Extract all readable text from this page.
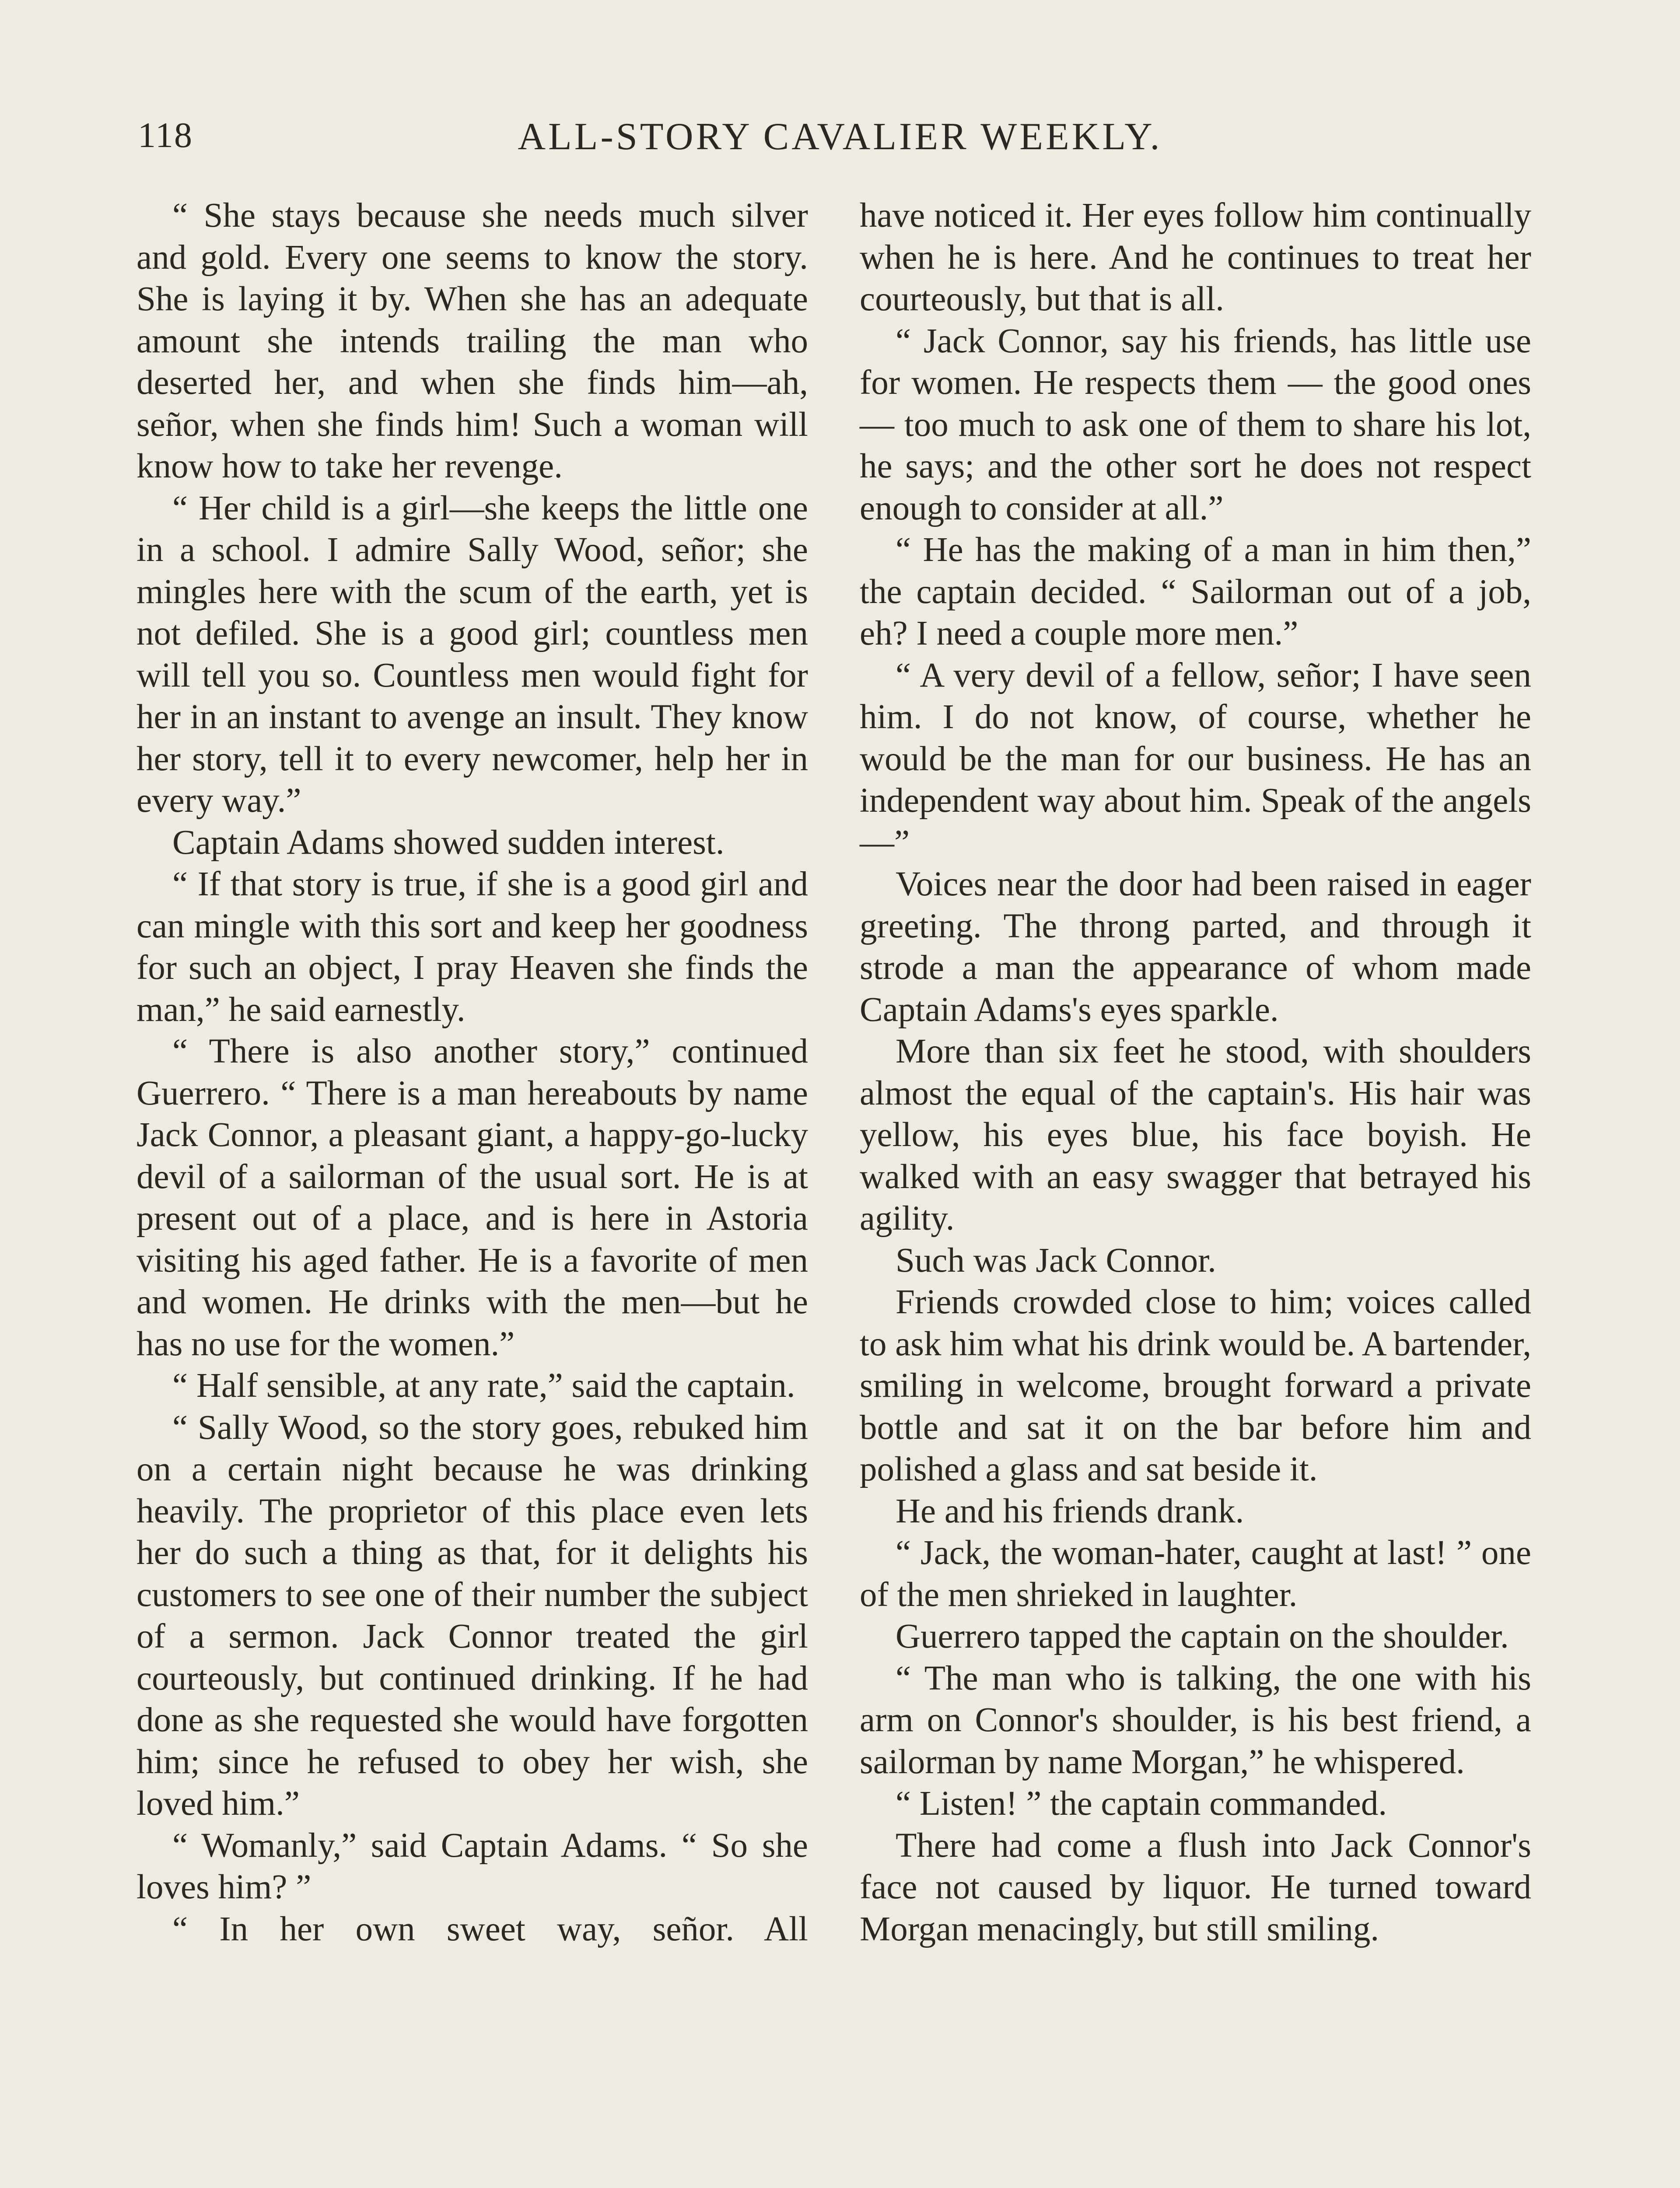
118	ALL-STORY CAVALIER WEEKLY.

“ She stays because she needs much silver and gold. Every one seems to know the story. She is laying it by. When she has an adequate amount she intends trailing the man who deserted her, and when she finds him—ah, señor, when she finds him! Such a woman will know how to take her revenge.

“ Her child is a girl—she keeps the little one in a school. I admire Sally Wood, señor; she mingles here with the scum of the earth, yet is not defiled. She is a good girl; countless men will tell you so. Countless men would fight for her in an instant to avenge an insult. They know her story, tell it to every newcomer, help her in every way.”

Captain Adams showed sudden interest.

“ If that story is true, if she is a good girl and can mingle with this sort and keep her goodness for such an object, I pray Heaven she finds the man,” he said earnestly.

“ There is also another story,” continued Guerrero. “ There is a man hereabouts by name Jack Connor, a pleasant giant, a happy-go-lucky devil of a sailorman of the usual sort. He is at present out of a place, and is here in Astoria visiting his aged father. He is a favorite of men and women. He drinks with the men—but he has no use for the women.”

“ Half sensible, at any rate,” said the captain.

“ Sally Wood, so the story goes, rebuked him on a certain night because he was drinking heavily. The proprietor of this place even lets her do such a thing as that, for it delights his customers to see one of their number the subject of a sermon. Jack Connor treated the girl courteously, but continued drinking. If he had done as she requested she would have forgotten him; since he refused to obey her wish, she loved him.”

“ Womanly,” said Captain Adams. “ So she loves him? ”

“ In her own sweet way, señor. All

have noticed it. Her eyes follow him continually when he is here. And he continues to treat her courteously, but that is all.

“ Jack Connor, say his friends, has little use for women. He respects them — the good ones — too much to ask one of them to share his lot, he says; and the other sort he does not respect enough to consider at all.”

“ He has the making of a man in him then,” the captain decided. “ Sailorman out of a job, eh? I need a couple more men.”

“ A very devil of a fellow, señor; I have seen him. I do not know, of course, whether he would be the man for our business. He has an independent way about him. Speak of the angels—”

Voices near the door had been raised in eager greeting. The throng parted, and through it strode a man the appearance of whom made Captain Adams's eyes sparkle.

More than six feet he stood, with shoulders almost the equal of the captain's. His hair was yellow, his eyes blue, his face boyish. He walked with an easy swagger that betrayed his agility.

Such was Jack Connor.

Friends crowded close to him; voices called to ask him what his drink would be. A bartender, smiling in welcome, brought forward a private bottle and sat it on the bar before him and polished a glass and sat beside it.

He and his friends drank.

“ Jack, the woman-hater, caught at last! ” one of the men shrieked in laughter.

Guerrero tapped the captain on the shoulder.

“ The man who is talking, the one with his arm on Connor's shoulder, is his best friend, a sailorman by name Morgan,” he whispered.

“ Listen! ” the captain commanded.

There had come a flush into Jack Connor's face not caused by liquor. He turned toward Morgan menacingly, but still smiling.
